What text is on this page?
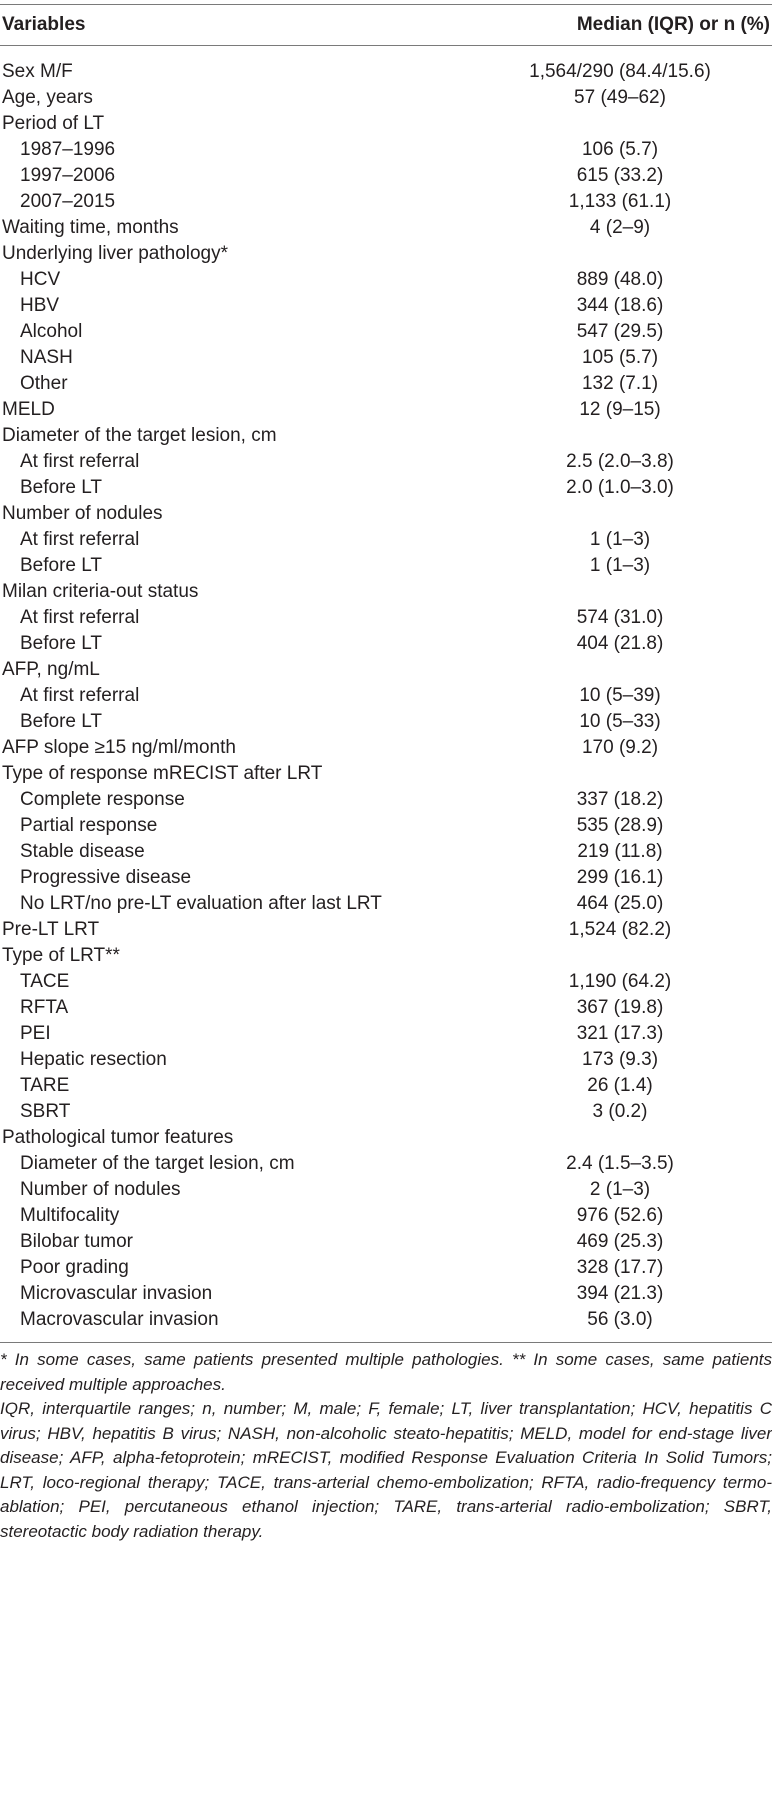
Variables	Median (IQR) or n (%)
Sex M/F	1,564/290 (84.4/15.6)
Age, years	57 (49–62)
Period of LT
1987–1996	106 (5.7)
1997–2006	615 (33.2)
2007–2015	1,133 (61.1)
Waiting time, months	4 (2–9)
Underlying liver pathology*
HCV	889 (48.0)
HBV	344 (18.6)
Alcohol	547 (29.5)
NASH	105 (5.7)
Other	132 (7.1)
MELD	12 (9–15)
Diameter of the target lesion, cm
At first referral	2.5 (2.0–3.8)
Before LT	2.0 (1.0–3.0)
Number of nodules
At first referral	1 (1–3)
Before LT	1 (1–3)
Milan criteria-out status
At first referral	574 (31.0)
Before LT	404 (21.8)
AFP, ng/mL
At first referral	10 (5–39)
Before LT	10 (5–33)
AFP slope ≥15 ng/ml/month	170 (9.2)
Type of response mRECIST after LRT
Complete response	337 (18.2)
Partial response	535 (28.9)
Stable disease	219 (11.8)
Progressive disease	299 (16.1)
No LRT/no pre-LT evaluation after last LRT	464 (25.0)
Pre-LT LRT	1,524 (82.2)
Type of LRT**
TACE	1,190 (64.2)
RFTA	367 (19.8)
PEI	321 (17.3)
Hepatic resection	173 (9.3)
TARE	26 (1.4)
SBRT	3 (0.2)
Pathological tumor features
Diameter of the target lesion, cm	2.4 (1.5–3.5)
Number of nodules	2 (1–3)
Multifocality	976 (52.6)
Bilobar tumor	469 (25.3)
Poor grading	328 (17.7)
Microvascular invasion	394 (21.3)
Macrovascular invasion	56 (3.0)

* In some cases, same patients presented multiple pathologies. ** In some cases, same patients received multiple approaches.

IQR, interquartile ranges; n, number; M, male; F, female; LT, liver transplantation; HCV, hepatitis C virus; HBV, hepatitis B virus; NASH, non-alcoholic steato-hepatitis; MELD, model for end-stage liver disease; AFP, alpha-fetoprotein; mRECIST, modified Response Evaluation Criteria In Solid Tumors; LRT, loco-regional therapy; TACE, trans-arterial chemo-embolization; RFTA, radio-frequency termo-ablation; PEI, percutaneous ethanol injection; TARE, trans-arterial radio-embolization; SBRT, stereotactic body radiation therapy.
